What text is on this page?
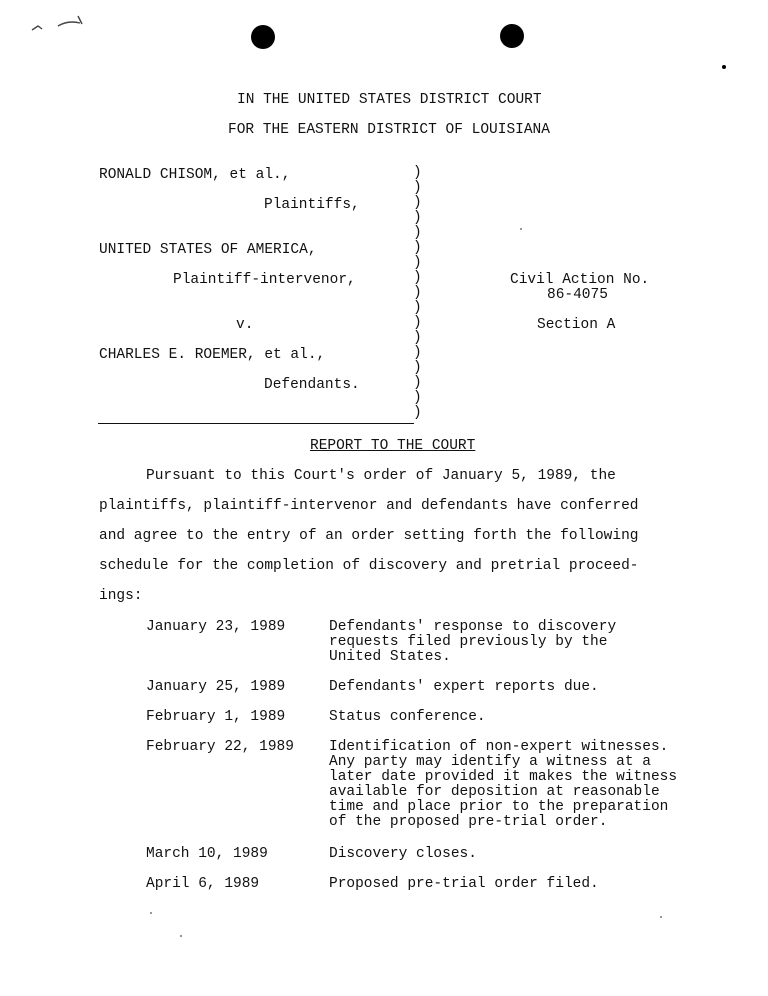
IN THE UNITED STATES DISTRICT COURT
FOR THE EASTERN DISTRICT OF LOUISIANA
RONALD CHISOM, et al.,
Plaintiffs,
UNITED STATES OF AMERICA,
Plaintiff-intervenor,
v.
CHARLES E. ROEMER, et al.,
Defendants.
)
)
)
)
)
)
)
)
)
)
)
)
)
)
)
)
)
Civil Action No.
86-4075
Section A
REPORT TO THE COURT
Pursuant to this Court's order of January 5, 1989, the
plaintiffs, plaintiff-intervenor and defendants have conferred
and agree to the entry of an order setting forth the following
schedule for the completion of discovery and pretrial proceed-
ings:
January 23, 1989	Defendants' response to discovery
requests filed previously by the
United States.
January 25, 1989	Defendants' expert reports due.
February 1, 1989	Status conference.
February 22, 1989 Identification of non-expert witnesses.
Any party may identify a witness at a
later date provided it makes the witness
available for deposition at reasonable
time and place prior to the preparation
of the proposed pre-trial order.
March 10, 1989	Discovery closes.
April 6, 1989	Proposed pre-trial order filed.
